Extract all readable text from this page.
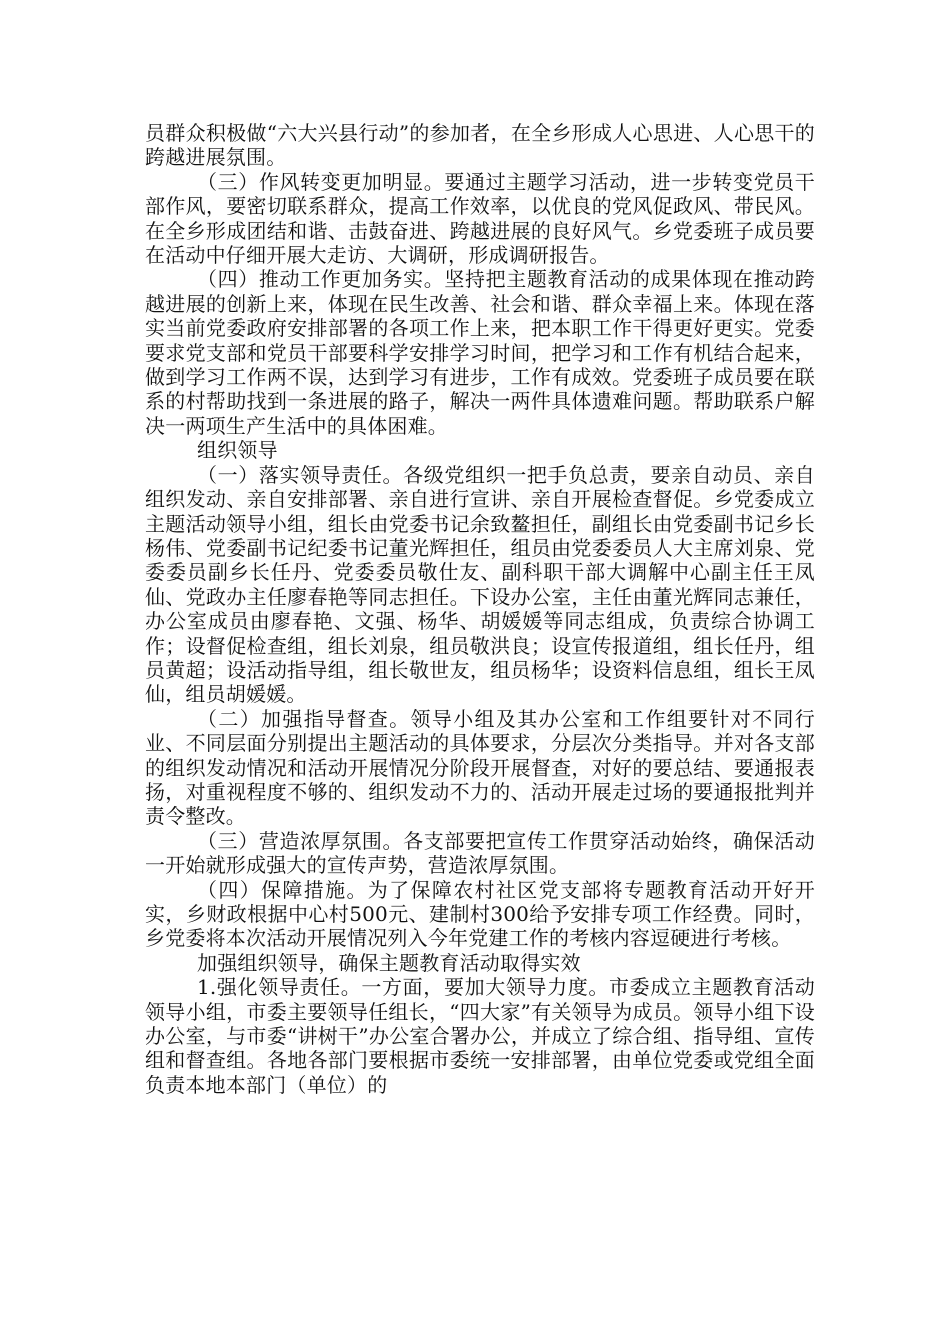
员群众积极做“六大兴县行动”的参加者，在全乡形成人心思进、人心思干的跨越进展氛围。

（三）作风转变更加明显。要通过主题学习活动，进一步转变党员干部作风，要密切联系群众，提高工作效率，以优良的党风促政风、带民风。在全乡形成团结和谐、击鼓奋进、跨越进展的良好风气。乡党委班子成员要在活动中仔细开展大走访、大调研，形成调研报告。

（四）推动工作更加务实。坚持把主题教育活动的成果体现在推动跨越进展的创新上来，体现在民生改善、社会和谐、群众幸福上来。体现在落实当前党委政府安排部署的各项工作上来，把本职工作干得更好更实。党委要求党支部和党员干部要科学安排学习时间，把学习和工作有机结合起来，做到学习工作两不误，达到学习有进步，工作有成效。党委班子成员要在联系的村帮助找到一条进展的路子，解决一两件具体遗难问题。帮助联系户解决一两项生产生活中的具体困难。

组织领导

（一）落实领导责任。各级党组织一把手负总责，要亲自动员、亲自组织发动、亲自安排部署、亲自进行宣讲、亲自开展检查督促。乡党委成立主题活动领导小组，组长由党委书记余致鳌担任，副组长由党委副书记乡长杨伟、党委副书记纪委书记董光辉担任，组员由党委委员人大主席刘泉、党委委员副乡长任丹、党委委员敬仕友、副科职干部大调解中心副主任王凤仙、党政办主任廖春艳等同志担任。下设办公室，主任由董光辉同志兼任，办公室成员由廖春艳、文强、杨华、胡媛媛等同志组成，负责综合协调工作；设督促检查组，组长刘泉，组员敬洪良；设宣传报道组，组长任丹，组员黄超；设活动指导组，组长敬世友，组员杨华；设资料信息组，组长王凤仙，组员胡媛媛。

（二）加强指导督查。领导小组及其办公室和工作组要针对不同行业、不同层面分别提出主题活动的具体要求，分层次分类指导。并对各支部的组织发动情况和活动开展情况分阶段开展督查，对好的要总结、要通报表扬，对重视程度不够的、组织发动不力的、活动开展走过场的要通报批判并责令整改。

（三）营造浓厚氛围。各支部要把宣传工作贯穿活动始终，确保活动一开始就形成强大的宣传声势，营造浓厚氛围。

（四）保障措施。为了保障农村社区党支部将专题教育活动开好开实，乡财政根据中心村500元、建制村300给予安排专项工作经费。同时，乡党委将本次活动开展情况列入今年党建工作的考核内容逗硬进行考核。

加强组织领导，确保主题教育活动取得实效

1.强化领导责任。一方面，要加大领导力度。市委成立主题教育活动领导小组，市委主要领导任组长，“四大家”有关领导为成员。领导小组下设办公室，与市委“讲树干”办公室合署办公，并成立了综合组、指导组、宣传组和督查组。各地各部门要根据市委统一安排部署，由单位党委或党组全面负责本地本部门（单位）的
